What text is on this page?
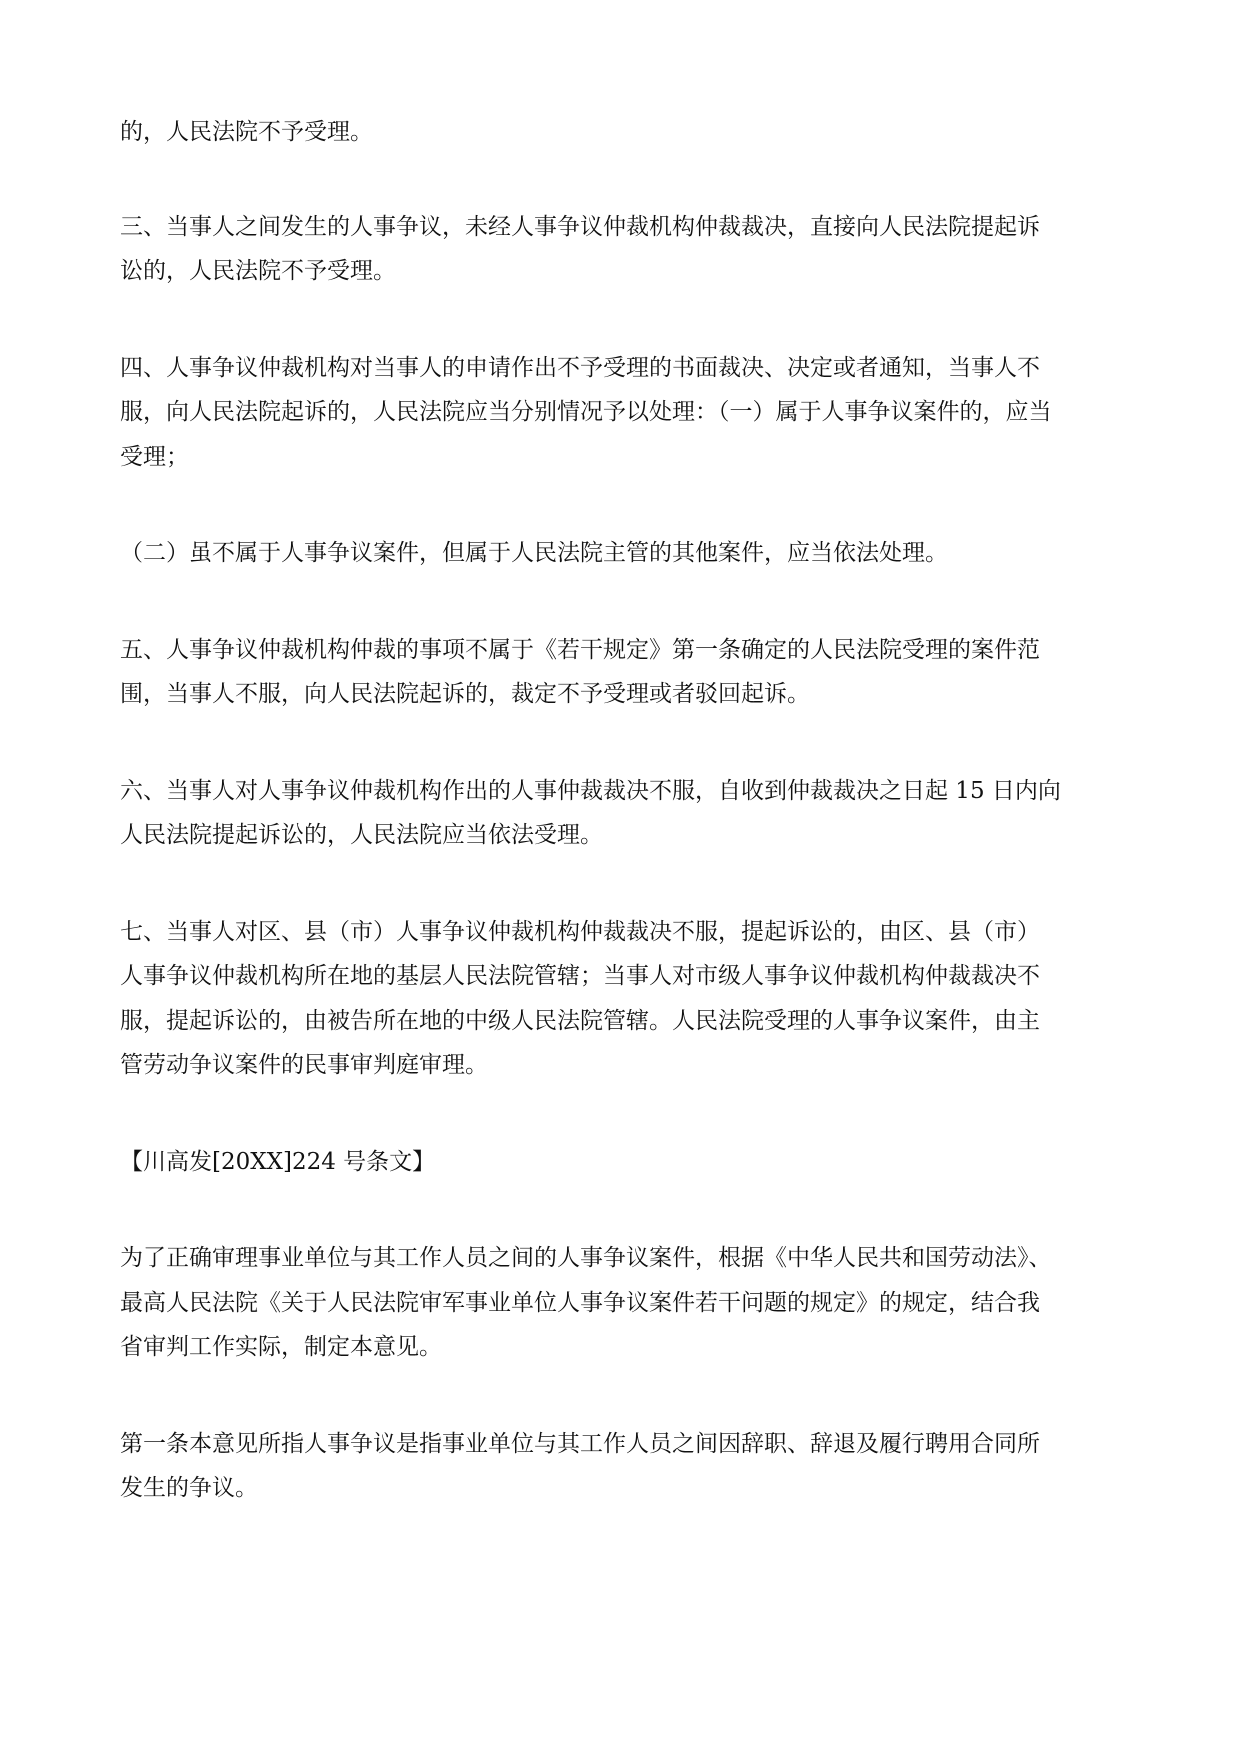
的，人民法院不予受理。

三、当事人之间发生的人事争议，未经人事争议仲裁机构仲裁裁决，直接向人民法院提起诉
讼的，人民法院不予受理。

四、人事争议仲裁机构对当事人的申请作出不予受理的书面裁决、决定或者通知，当事人不
服，向人民法院起诉的，人民法院应当分别情况予以处理：（一）属于人事争议案件的，应当
受理；

（二）虽不属于人事争议案件，但属于人民法院主管的其他案件，应当依法处理。

五、人事争议仲裁机构仲裁的事项不属于《若干规定》第一条确定的人民法院受理的案件范
围，当事人不服，向人民法院起诉的，裁定不予受理或者驳回起诉。

六、当事人对人事争议仲裁机构作出的人事仲裁裁决不服，自收到仲裁裁决之日起 15 日内向
人民法院提起诉讼的，人民法院应当依法受理。

七、当事人对区、县（市）人事争议仲裁机构仲裁裁决不服，提起诉讼的，由区、县（市）
人事争议仲裁机构所在地的基层人民法院管辖；当事人对市级人事争议仲裁机构仲裁裁决不
服，提起诉讼的，由被告所在地的中级人民法院管辖。人民法院受理的人事争议案件，由主
管劳动争议案件的民事审判庭审理。

【川高发[20XX]224 号条文】

为了正确审理事业单位与其工作人员之间的人事争议案件，根据《中华人民共和国劳动法》、
最高人民法院《关于人民法院审军事业单位人事争议案件若干问题的规定》的规定，结合我
省审判工作实际，制定本意见。

第一条本意见所指人事争议是指事业单位与其工作人员之间因辞职、辞退及履行聘用合同所
发生的争议。
